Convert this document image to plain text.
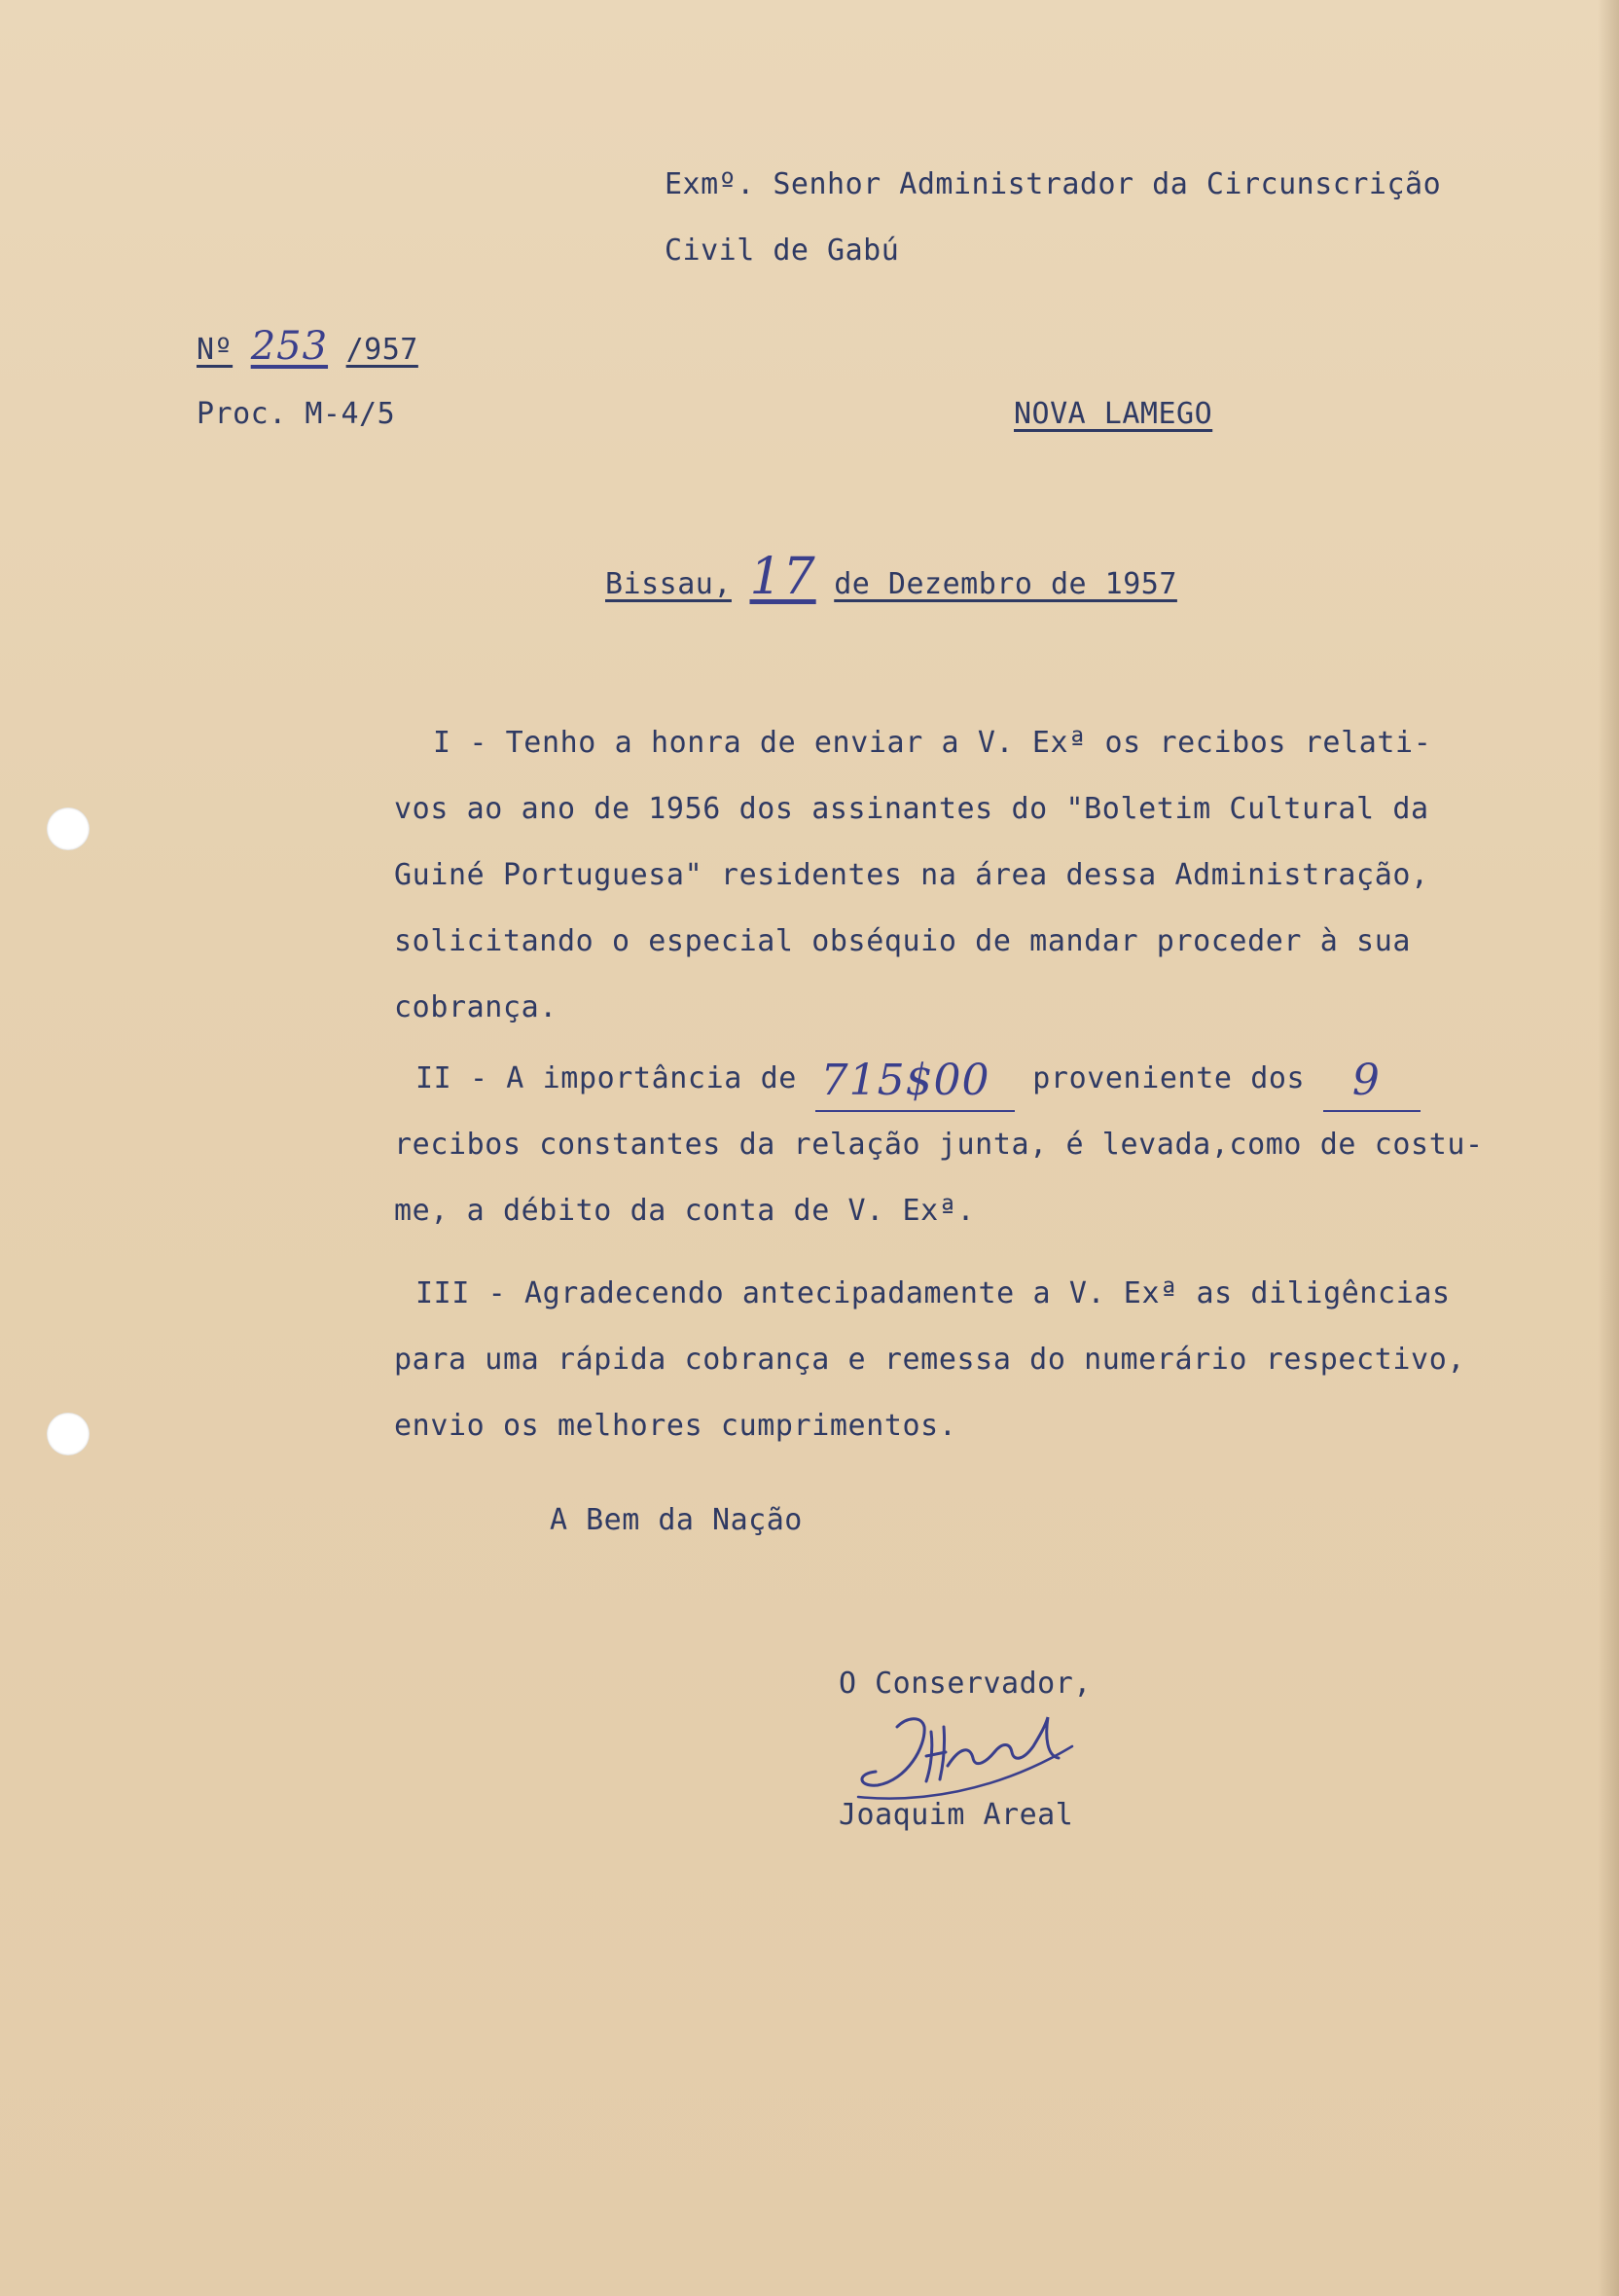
Exmº. Senhor Administrador da Circunscrição
Civil de Gabú
Nº 253 /957
Proc. M-4/5	NOVA LAMEGO
Bissau, 17 de Dezembro de 1957
I - Tenho a honra de enviar a V. Exª os recibos relati-
vos ao ano de 1956 dos assinantes do "Boletim Cultural da
Guiné Portuguesa" residentes na área dessa Administração,
solicitando o especial obséquio de mandar proceder à sua
cobrança.
II - A importância de 715$00 proveniente dos 9
recibos constantes da relação junta, é levada,como de costu-
me, a débito da conta de V. Exª.
III - Agradecendo antecipadamente a V. Exª as diligências
para uma rápida cobrança e remessa do numerário respectivo,
envio os melhores cumprimentos.
A Bem da Nação
O Conservador,
Joaquim Areal
